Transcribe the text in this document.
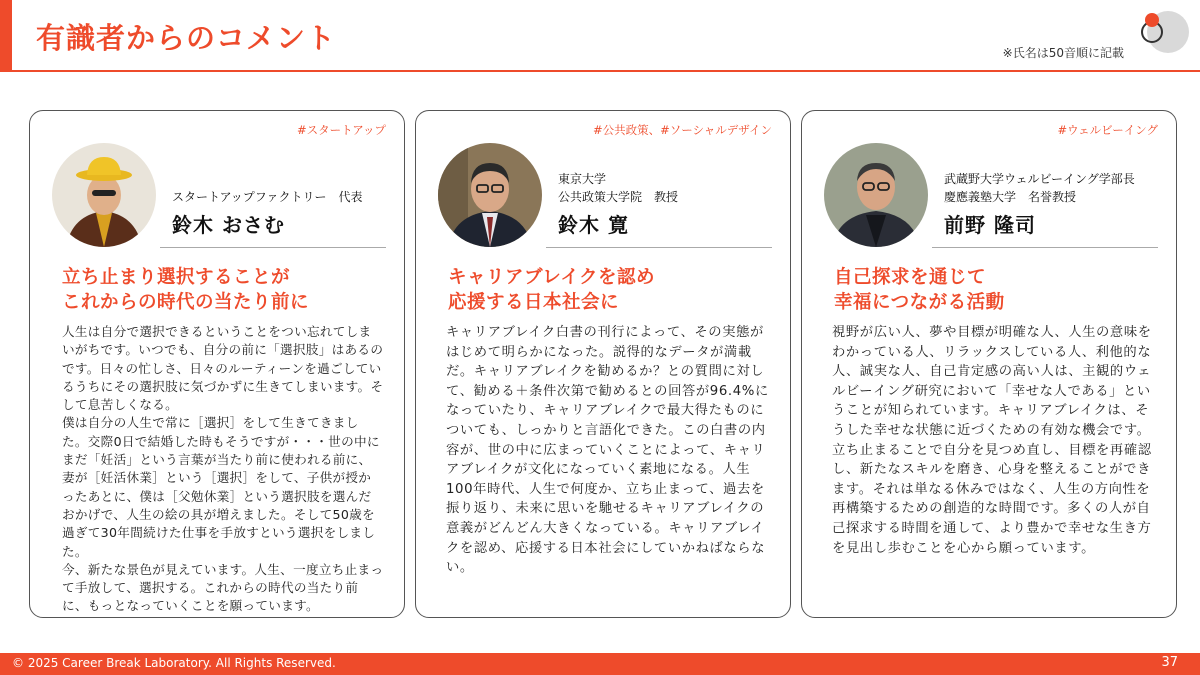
有識者からのコメント	※氏名は50音順に記載
#スタートアップ
スタートアップファクトリー　代表
鈴木 おさむ
立ち止まり選択することが
これからの時代の当たり前に
人生は自分で選択できるということをつい忘れてしまいがちです。いつでも、自分の前に「選択肢」はあるのです。日々の忙しさ、日々のルーティーンを過ごしているうちにその選択肢に気づかずに生きてしまいます。そして息苦しくなる。
僕は自分の人生で常に［選択］をして生きてきました。交際0日で結婚した時もそうですが・・・世の中にまだ「妊活」という言葉が当たり前に使われる前に、妻が［妊活休業］という［選択］をして、子供が授かったあとに、僕は［父勉休業］という選択肢を選んだおかげで、人生の絵の具が増えました。そして50歳を過ぎて30年間続けた仕事を手放すという選択をしました。
今、新たな景色が見えています。人生、一度立ち止まって手放して、選択する。これからの時代の当たり前に、もっとなっていくことを願っています。
#公共政策、#ソーシャルデザイン
東京大学
公共政策大学院　教授
鈴木 寛
キャリアブレイクを認め
応援する日本社会に
キャリアブレイク白書の刊行によって、その実態がはじめて明らかになった。説得的なデータが満載だ。キャリアブレイクを勧めるか？との質問に対して、勧める＋条件次第で勧めるとの回答が96.4%になっていたり、キャリアブレイクで最大得たものについても、しっかりと言語化できた。この白書の内容が、世の中に広まっていくことによって、キャリアブレイクが文化になっていく素地になる。人生100年時代、人生で何度か、立ち止まって、過去を振り返り、未来に思いを馳せるキャリアブレイクの意義がどんどん大きくなっている。キャリアブレイクを認め、応援する日本社会にしていかねばならない。
#ウェルビーイング
武蔵野大学ウェルビーイング学部長
慶應義塾大学　名誉教授
前野 隆司
自己探求を通じて
幸福につながる活動
視野が広い人、夢や目標が明確な人、人生の意味をわかっている人、リラックスしている人、利他的な人、誠実な人、自己肯定感の高い人は、主観的ウェルビーイング研究において「幸せな人である」ということが知られています。キャリアブレイクは、そうした幸せな状態に近づくための有効な機会です。立ち止まることで自分を見つめ直し、目標を再確認し、新たなスキルを磨き、心身を整えることができます。それは単なる休みではなく、人生の方向性を再構築するための創造的な時間です。多くの人が自己探求する時間を通して、より豊かで幸せな生き方を見出し歩むことを心から願っています。
© 2025 Career Break Laboratory. All Rights Reserved.	37
